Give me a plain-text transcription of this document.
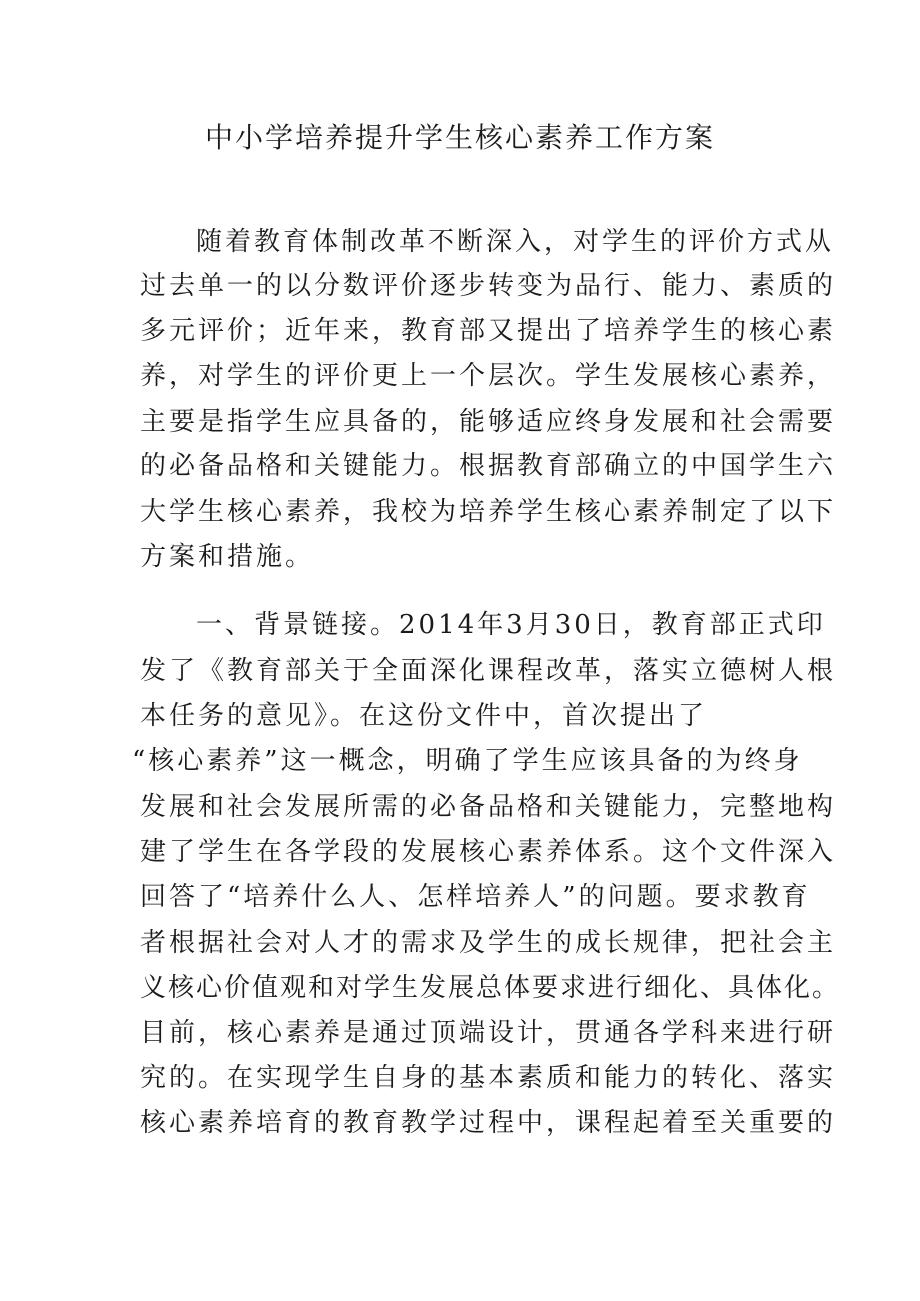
中小学培养提升学生核心素养工作方案
随着教育体制改革不断深入，对学生的评价方式从
过去单一的以分数评价逐步转变为品行、能力、素质的
多元评价；近年来，教育部又提出了培养学生的核心素
养，对学生的评价更上一个层次。学生发展核心素养，
主要是指学生应具备的，能够适应终身发展和社会需要
的必备品格和关键能力。根据教育部确立的中国学生六
大学生核心素养，我校为培养学生核心素养制定了以下
方案和措施。
一、背景链接。2014年3月30日，教育部正式印
发了《教育部关于全面深化课程改革，落实立德树人根
本任务的意见》。在这份文件中，首次提出了
“核心素养”这一概念，明确了学生应该具备的为终身
发展和社会发展所需的必备品格和关键能力，完整地构
建了学生在各学段的发展核心素养体系。这个文件深入
回答了“培养什么人、怎样培养人”的问题。要求教育
者根据社会对人才的需求及学生的成长规律，把社会主
义核心价值观和对学生发展总体要求进行细化、具体化。
目前，核心素养是通过顶端设计，贯通各学科来进行研
究的。在实现学生自身的基本素质和能力的转化、落实
核心素养培育的教育教学过程中，课程起着至关重要的
